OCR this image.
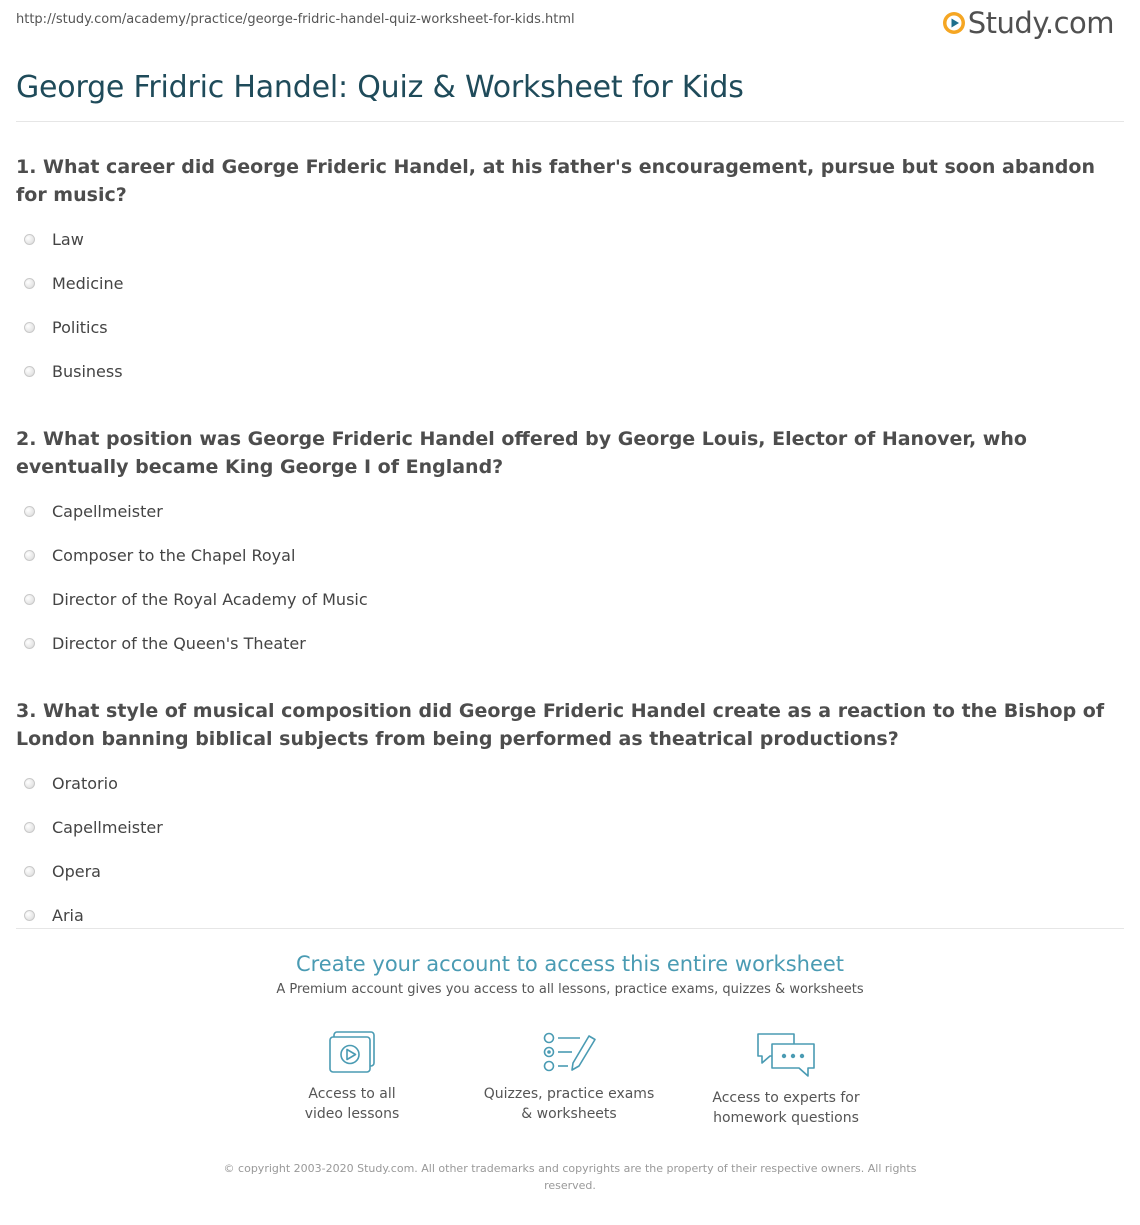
http://study.com/academy/practice/george-fridric-handel-quiz-worksheet-for-kids.html	Study.com
George Fridric Handel: Quiz & Worksheet for Kids

1. What career did George Frideric Handel, at his father's encouragement, pursue but soon abandon for music?

Law
Medicine
Politics
Business

2. What position was George Frideric Handel offered by George Louis, Elector of Hanover, who eventually became King George I of England?

Capellmeister
Composer to the Chapel Royal
Director of the Royal Academy of Music
Director of the Queen's Theater

3. What style of musical composition did George Frideric Handel create as a reaction to the Bishop of London banning biblical subjects from being performed as theatrical productions?

Oratorio
Capellmeister
Opera
Aria
Create your account to access this entire worksheet
A Premium account gives you access to all lessons, practice exams, quizzes & worksheets
Access to all
video lessons
Quizzes, practice exams
& worksheets
Access to experts for
homework questions
© copyright 2003-2020 Study.com. All other trademarks and copyrights are the property of their respective owners. All rights reserved.
